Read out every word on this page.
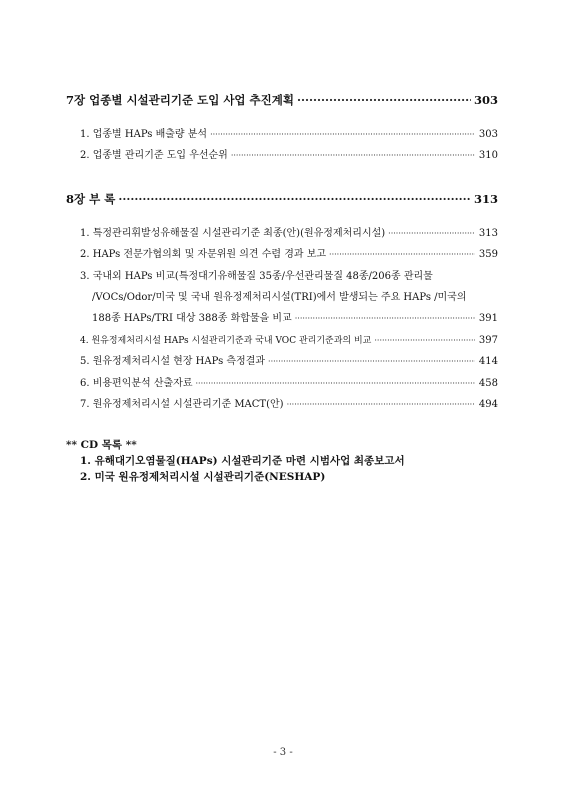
7장 업종별 시설관리기준 도입 사업 추진계획 ·····	303
1. 업종별 HAPs 배출량 분석 ·····	303
2. 업종별 관리기준 도입 우선순위 ·····	310
8장 부 록 ·····	313
1. 특정관리휘발성유해물질 시설관리기준 최종(안)(원유정제처리시설) ·····	313
2. HAPs 전문가협의회 및 자문위원 의견 수렴 경과 보고 ·····	359
3. 국내외 HAPs 비교(특정대기유해물질 35종/우선관리물질 48종/206종 관리물
/VOCs/Odor/미국 및 국내 원유정제처리시설(TRI)에서 발생되는 주요 HAPs /미국의
188종 HAPs/TRI 대상 388종 화합물을 비교 ·····	391
4. 원유정제처리시설 HAPs 시설관리기준과 국내 VOC 관리기준과의 비교 ·····	397
5. 원유정제처리시설 현장 HAPs 측정결과 ·····	414
6. 비용편익분석 산출자료 ·····	458
7. 원유정제처리시설 시설관리기준 MACT(안) ·····	494
** CD 목록 **
1. 유해대기오염물질(HAPs) 시설관리기준 마련 시범사업 최종보고서
2. 미국 원유정제처리시설 시설관리기준(NESHAP)
- 3 -
